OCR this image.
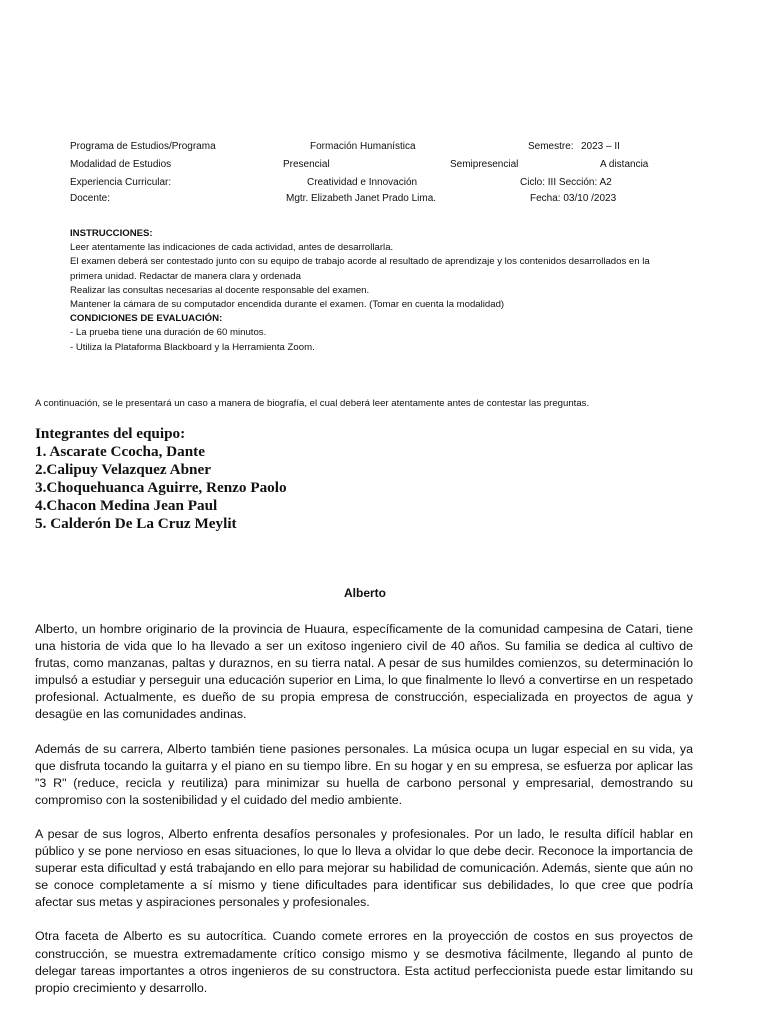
Programa de Estudios/Programa	Formación Humanística	Semestre: 2023 – II
Modalidad de Estudios	Presencial	Semipresencial	A distancia
Experiencia Curricular:	Creatividad e Innovación	Ciclo: III Sección: A2
Docente:	Mgtr. Elizabeth Janet Prado Lima.	Fecha: 03/10 /2023
INSTRUCCIONES:
Leer atentamente las indicaciones de cada actividad, antes de desarrollarla.
El examen deberá ser contestado junto con su equipo de trabajo acorde al resultado de aprendizaje y los contenidos desarrollados en la
primera unidad. Redactar de manera clara y ordenada
Realizar las consultas necesarias al docente responsable del examen.
Mantener la cámara de su computador encendida durante el examen. (Tomar en cuenta la modalidad)
CONDICIONES DE EVALUACIÓN:
- La prueba tiene una duración de 60 minutos.
- Utiliza la Plataforma Blackboard y la Herramienta Zoom.
A continuación, se le presentará un caso a manera de biografía, el cual deberá leer atentamente antes de contestar las preguntas.
Integrantes del equipo:
1. Ascarate Ccocha, Dante
2.Calipuy Velazquez Abner
3.Choquehuanca Aguirre, Renzo Paolo
4.Chacon Medina Jean Paul
5. Calderón De La Cruz Meylit
Alberto

Alberto, un hombre originario de la provincia de Huaura, específicamente de la comunidad campesina de Catari, tiene una historia de vida que lo ha llevado a ser un exitoso ingeniero civil de 40 años. Su familia se dedica al cultivo de frutas, como manzanas, paltas y duraznos, en su tierra natal. A pesar de sus humildes comienzos, su determinación lo impulsó a estudiar y perseguir una educación superior en Lima, lo que finalmente lo llevó a convertirse en un respetado profesional. Actualmente, es dueño de su propia empresa de construcción, especializada en proyectos de agua y desagüe en las comunidades andinas.

Además de su carrera, Alberto también tiene pasiones personales. La música ocupa un lugar especial en su vida, ya que disfruta tocando la guitarra y el piano en su tiempo libre. En su hogar y en su empresa, se esfuerza por aplicar las "3 R" (reduce, recicla y reutiliza) para minimizar su huella de carbono personal y empresarial, demostrando su compromiso con la sostenibilidad y el cuidado del medio ambiente.

A pesar de sus logros, Alberto enfrenta desafíos personales y profesionales. Por un lado, le resulta difícil hablar en público y se pone nervioso en esas situaciones, lo que lo lleva a olvidar lo que debe decir. Reconoce la importancia de superar esta dificultad y está trabajando en ello para mejorar su habilidad de comunicación. Además, siente que aún no se conoce completamente a sí mismo y tiene dificultades para identificar sus debilidades, lo que cree que podría afectar sus metas y aspiraciones personales y profesionales.

Otra faceta de Alberto es su autocrítica. Cuando comete errores en la proyección de costos en sus proyectos de construcción, se muestra extremadamente crítico consigo mismo y se desmotiva fácilmente, llegando al punto de delegar tareas importantes a otros ingenieros de su constructora. Esta actitud perfeccionista puede estar limitando su propio crecimiento y desarrollo.
